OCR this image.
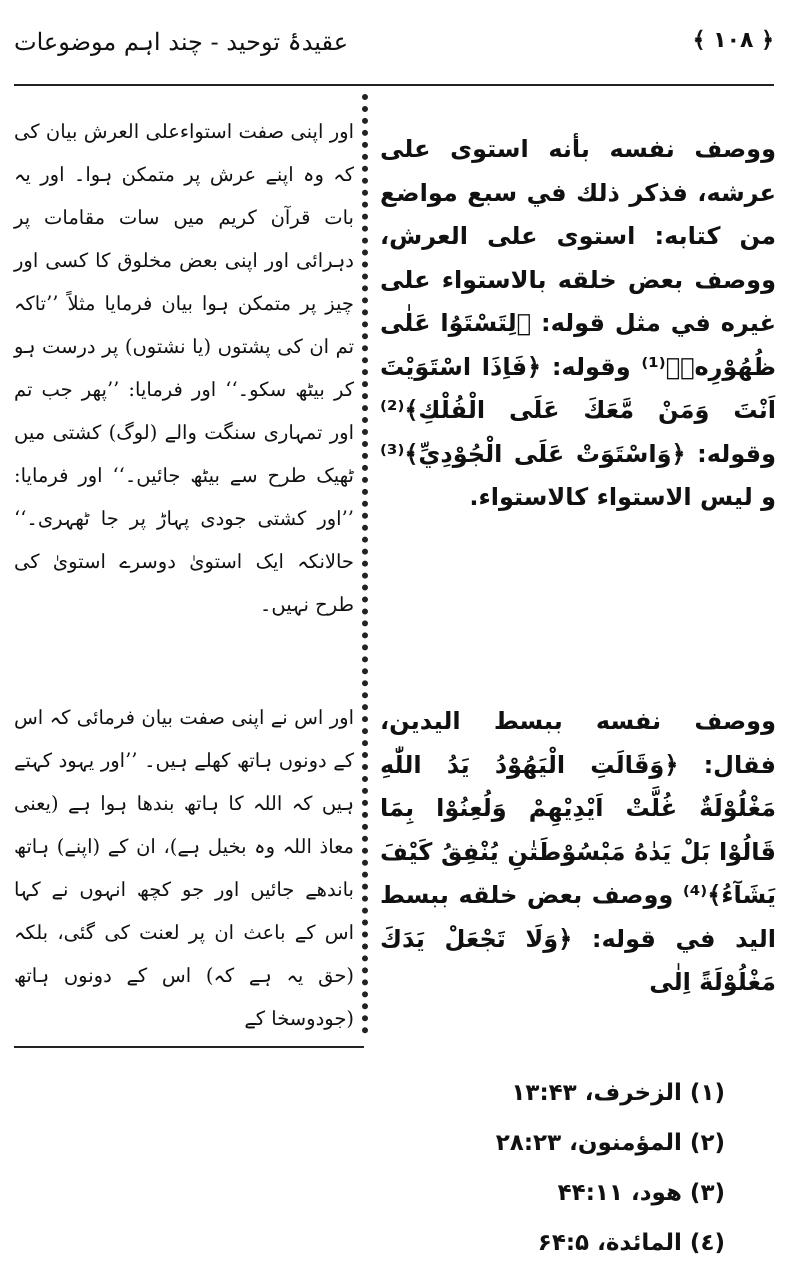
عقیدۂ توحید - چند اہم موضوعات	﴿ ۱۰۸ ﴾

ووصف نفسه بأنه استوى على عرشه، فذكر ذلك في سبع مواضع من كتابه: استوى على العرش، ووصف بعض خلقه بالاستواء على غيره في مثل قوله: ﴿لِتَسْتَوُا عَلٰى ظُهُوْرِهٖ﴾⁽¹⁾ وقوله: ﴿فَاِذَا اسْتَوَيْتَ اَنْتَ وَمَنْ مَّعَكَ عَلَى الْفُلْكِ﴾⁽²⁾ وقوله: ﴿وَاسْتَوَتْ عَلَى الْجُوْدِيِّ﴾⁽³⁾ و ليس الاستواء كالاستواء.

ووصف نفسه ببسط اليدين، فقال: ﴿وَقَالَتِ الْيَهُوْدُ يَدُ اللّٰهِ مَغْلُوْلَةٌ غُلَّتْ اَيْدِيْهِمْ وَلُعِنُوْا بِمَا قَالُوْا بَلْ يَدٰهُ مَبْسُوْطَتٰنِ يُنْفِقُ كَيْفَ يَشَآءُ﴾⁽⁴⁾ ووصف بعض خلقه ببسط اليد في قوله: ﴿وَلَا تَجْعَلْ يَدَكَ مَغْلُوْلَةً اِلٰى

اور اپنی صفت استواءعلی العرش بیان کی کہ وہ اپنے عرش پر متمکن ہوا۔ اور یہ بات قرآن کریم میں سات مقامات پر دہرائی اور اپنی بعض مخلوق کا کسی اور چیز پر متمکن ہوا بیان فرمایا مثلاً ’’تاکہ تم ان کی پشتوں (یا نشتوں) پر درست ہو کر بیٹھ سکو۔‘‘ اور فرمایا: ’’پھر جب تم اور تمہاری سنگت والے (لوگ) کشتی میں ٹھیک طرح سے بیٹھ جائیں۔‘‘ اور فرمایا: ’’اور کشتی جودی پہاڑ پر جا ٹھہری۔‘‘ حالانکہ ایک استویٰ دوسرے استویٰ کی طرح نہیں۔

اور اس نے اپنی صفت بیان فرمائی کہ اس کے دونوں ہاتھ کھلے ہیں۔ ’’اور یہود کہتے ہیں کہ اللہ کا ہاتھ بندھا ہوا ہے (یعنی معاذ اللہ وہ بخیل ہے)، ان کے (اپنے) ہاتھ باندھے جائیں اور جو کچھ انہوں نے کہا اس کے باعث ان پر لعنت کی گئی، بلکہ (حق یہ ہے کہ) اس کے دونوں ہاتھ (جودوسخا کے

(١) الزخرف، ۱۳:۴۳
(٢) المؤمنون، ۲۸:۲۳
(٣) هود، ۴۴:۱۱
(٤) المائدة، ۶۴:۵
